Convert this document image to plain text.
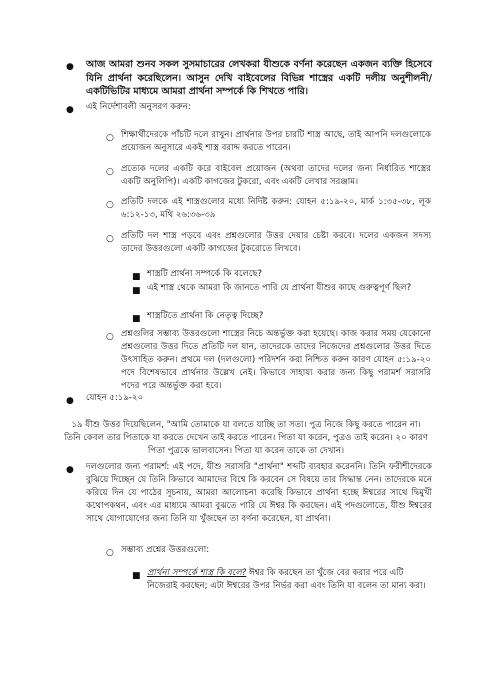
● আজ আমরা শুনব সকল সুসমাচারের লেখকরা যীশুকে বর্ণনা করেছেন একজন ব্যক্তি হিসেবে যিনি প্রার্থনা করেছিলেন। আসুন দেখি বাইবেলের বিভিন্ন শাস্ত্রের একটি দলীয় অনুশীলনী/একটিভিটির মাধ্যমে আমরা প্রার্থনা সম্পর্কে কি শিখতে পারি।
● এই নির্দেশাবলী অনুসরণ করুন:
○ শিক্ষার্থীদেরকে পাঁচটি দলে রাখুন। প্রার্থনার উপর চারটি শাস্ত্র আছে, তাই আপনি দলগুলোকে প্রয়োজন অনুসারে একই শাস্ত্র বরাদ্দ করতে পারেন।
○ প্রত্যেক দলের একটি করে বাইবেল প্রয়োজন (অথবা তাদের দলের জন্য নির্ধারিত শাস্ত্রের একটি অনুলিপি)। একটি কাগজের টুকরো, এবং একটি লেখার সরঞ্জাম।
○ প্রতিটি দলকে এই শাস্ত্রগুলোর মধ্যে নির্দিষ্ট করুন: যোহন ৫:১৯-২০, মার্ক ১:৩৫-৩৮, লূক ৬:১২-১৩, মথি ২৬:৩৬-৩৯
○ প্রতিটি দল শাস্ত্র পড়বে এবং প্রশ্নগুলোর উত্তর দেয়ার চেষ্টা করবে। দলের একজন সদস্য তাদের উত্তরগুলো একটি কাগজের টুকরোতে লিখবে।
■ শাস্ত্রটি প্রার্থনা সম্পর্কে কি বলেছে?
■ এই শাস্ত্র থেকে আমরা কি জানতে পারি যে প্রার্থনা যীশুর কাছে গুরুত্বপূর্ণ ছিল?
■ শাস্ত্রটিতে প্রার্থনা কি নেতৃত্ব দিচ্ছে?
○ প্রশ্নগুলির সম্ভাব্য উত্তরগুলো শাস্ত্রের নিচে অন্তর্ভুক্ত করা হয়েছে। কাজ করার সময় যেকোনো প্রশ্নগুলোর উত্তর দিতে প্রতিটি দল যান, তাদেরকে তাদের নিজেদের প্রশ্নগুলোর উত্তর দিতে উৎসাহিত করুন। প্রথমে দল (দলগুলো) পরিদর্শন করা নিশ্চিত করুন কারণ যোহন ৫:১৯-২০ পদে বিশেষভাবে প্রার্থনার উল্লেখ নেই। কিভাবে সাহায্য করার জন্য কিছু পরামর্শ সরাসরি পদের পরে অন্তর্ভুক্ত করা হবে।
● যোহন ৫:১৯-২০
১৯ যীশু উত্তর দিয়েছিলেন, "আমি তোমাকে যা বলতে যাচ্ছি তা সত্য। পুত্র নিজে কিছু করতে পারেন না। তিনি কেবল তার পিতাকে যা করতে দেখেন তাই করতে পারেন। পিতা যা করেন, পুত্রও তাই করেন। ২০ কারণ পিতা পুত্রকে ভালবাসেন। পিতা যা করেন তাকে তা দেখান।
● দলগুলোর জন্য পরামর্শ: এই পদে, যীশু সরাসরি "প্রার্থনা" শব্দটি ব্যবহার করেননি। তিনি ফরীশীদেরকে বুঝিয়ে দিচ্ছেন যে তিনি কিভাবে আমাদের বিশ্বে কি করবেন সে বিষয়ে তার সিদ্ধান্ত নেন। তাদেরকে মনে করিয়ে দিন যে পাঠের সূচনায়, আমরা আলোচনা করেছি কিভাবে প্রার্থনা হচ্ছে ঈশ্বরের সাথে দ্বিমুখী কথোপকথন, এবং এর মাধ্যমে আমরা বুঝতে পারি যে ঈশ্বর কি করছেন। এই পদগুলোতে, যীশু ঈশ্বরের সাথে যোগাযোগের জন্য তিনি যা খুঁজছেন তা বর্ণনা করেছেন, যা প্রার্থনা।
○ সম্ভাব্য প্রশ্নের উত্তরগুলো:
■ প্রার্থনা সম্পর্কে শাস্ত্র কি বলে? ঈশ্বর কি করছেন তা খুঁজে বের করার পরে এটি নিজেরাই করছেন; এটা ঈশ্বরের উপর নির্ভর করা এবং তিনি যা বলেন তা মান্য করা।
